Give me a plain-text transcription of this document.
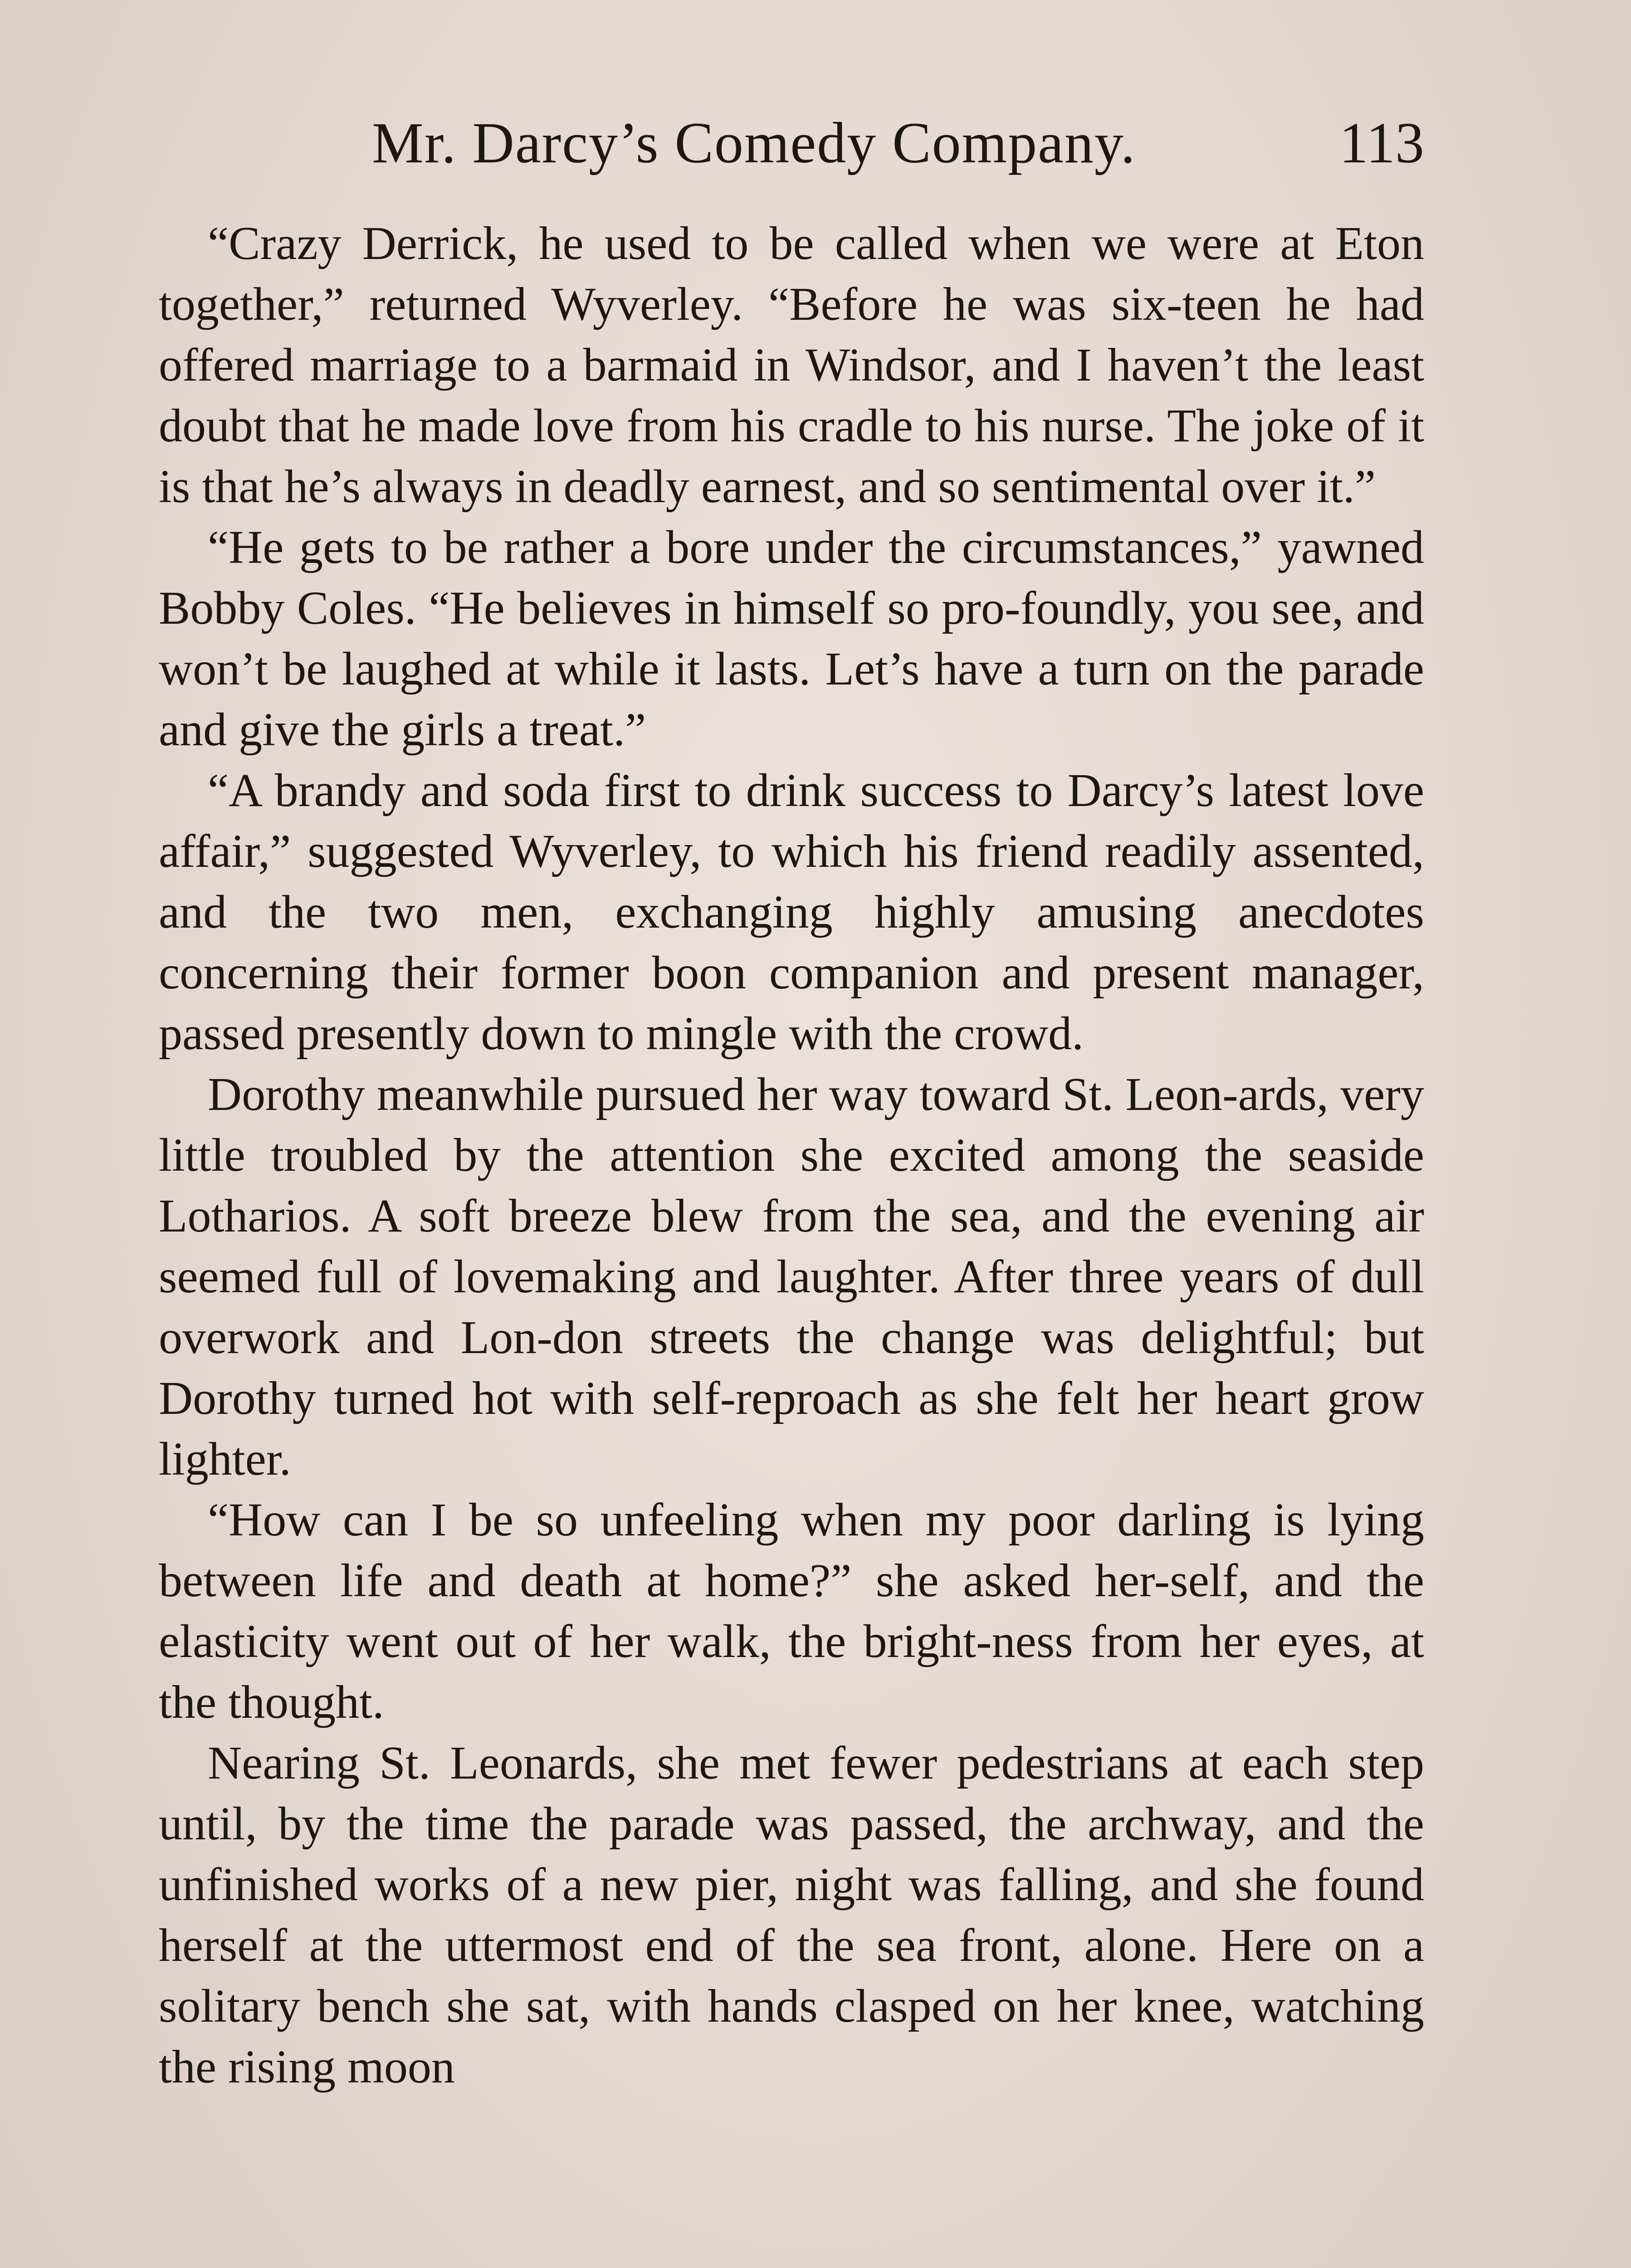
Mr. Darcy’s Comedy Company.	113

“Crazy Derrick, he used to be called when we were at Eton together,” returned Wyverley. “Before he was six-teen he had offered marriage to a barmaid in Windsor, and I haven’t the least doubt that he made love from his cradle to his nurse. The joke of it is that he’s always in deadly earnest, and so sentimental over it.”

“He gets to be rather a bore under the circumstances,” yawned Bobby Coles. “He believes in himself so pro-foundly, you see, and won’t be laughed at while it lasts. Let’s have a turn on the parade and give the girls a treat.”

“A brandy and soda first to drink success to Darcy’s latest love affair,” suggested Wyverley, to which his friend readily assented, and the two men, exchanging highly amusing anecdotes concerning their former boon companion and present manager, passed presently down to mingle with the crowd.

Dorothy meanwhile pursued her way toward St. Leon-ards, very little troubled by the attention she excited among the seaside Lotharios. A soft breeze blew from the sea, and the evening air seemed full of lovemaking and laughter. After three years of dull overwork and Lon-don streets the change was delightful; but Dorothy turned hot with self-reproach as she felt her heart grow lighter.

“How can I be so unfeeling when my poor darling is lying between life and death at home?” she asked her-self, and the elasticity went out of her walk, the bright-ness from her eyes, at the thought.

Nearing St. Leonards, she met fewer pedestrians at each step until, by the time the parade was passed, the archway, and the unfinished works of a new pier, night was falling, and she found herself at the uttermost end of the sea front, alone. Here on a solitary bench she sat, with hands clasped on her knee, watching the rising moon
